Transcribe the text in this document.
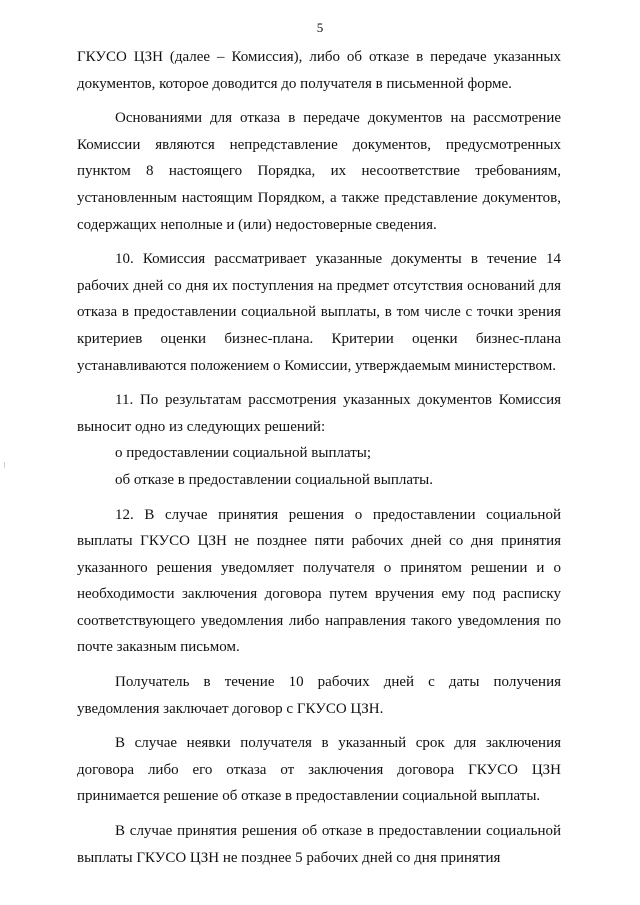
5

ГКУСО ЦЗН (далее – Комиссия), либо об отказе в передаче указанных документов, которое доводится до получателя в письменной форме.

Основаниями для отказа в передаче документов на рассмотрение Комиссии являются непредставление документов, предусмотренных пунктом 8 настоящего Порядка, их несоответствие требованиям, установленным настоящим Порядком, а также представление документов, содержащих неполные и (или) недостоверные сведения.

10. Комиссия рассматривает указанные документы в течение 14 рабочих дней со дня их поступления на предмет отсутствия оснований для отказа в предоставлении социальной выплаты, в том числе с точки зрения критериев оценки бизнес-плана. Критерии оценки бизнес-плана устанавливаются положением о Комиссии, утверждаемым министерством.

11. По результатам рассмотрения указанных документов Комиссия выносит одно из следующих решений:

о предоставлении социальной выплаты;

об отказе в предоставлении социальной выплаты.

12. В случае принятия решения о предоставлении социальной выплаты ГКУСО ЦЗН не позднее пяти рабочих дней со дня принятия указанного решения уведомляет получателя о принятом решении и о необходимости заключения договора путем вручения ему под расписку соответствующего уведомления либо направления такого уведомления по почте заказным письмом.

Получатель в течение 10 рабочих дней с даты получения уведомления заключает договор с ГКУСО ЦЗН.

В случае неявки получателя в указанный срок для заключения договора либо его отказа от заключения договора ГКУСО ЦЗН принимается решение об отказе в предоставлении социальной выплаты.

В случае принятия решения об отказе в предоставлении социальной выплаты ГКУСО ЦЗН не позднее 5 рабочих дней со дня принятия
